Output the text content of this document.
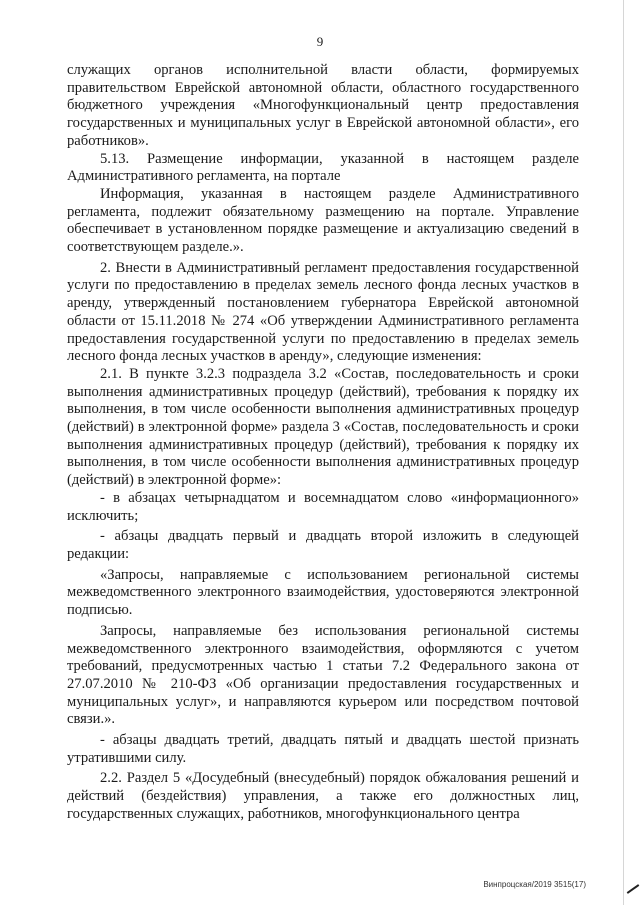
9

служащих органов исполнительной власти области, формируемых правительством Еврейской автономной области, областного государственного бюджетного учреждения «Многофункциональный центр предоставления государственных и муниципальных услуг в Еврейской автономной области», его работников».

5.13. Размещение информации, указанной в настоящем разделе Административного регламента, на портале

Информация, указанная в настоящем разделе Административного регламента, подлежит обязательному размещению на портале. Управление обеспечивает в установленном порядке размещение и актуализацию сведений в соответствующем разделе.».

2. Внести в Административный регламент предоставления государственной услуги по предоставлению в пределах земель лесного фонда лесных участков в аренду, утвержденный постановлением губернатора Еврейской автономной области от 15.11.2018 № 274 «Об утверждении Административного регламента предоставления государственной услуги по предоставлению в пределах земель лесного фонда лесных участков в аренду», следующие изменения:

2.1. В пункте 3.2.3 подраздела 3.2 «Состав, последовательность и сроки выполнения административных процедур (действий), требования к порядку их выполнения, в том числе особенности выполнения административных процедур (действий) в электронной форме» раздела 3 «Состав, последовательность и сроки выполнения административных процедур (действий), требования к порядку их выполнения, в том числе особенности выполнения административных процедур (действий) в электронной форме»:

- в абзацах четырнадцатом и восемнадцатом слово «информационного» исключить;

- абзацы двадцать первый и двадцать второй изложить в следующей редакции:

«Запросы, направляемые с использованием региональной системы межведомственного электронного взаимодействия, удостоверяются электронной подписью.

Запросы, направляемые без использования региональной системы межведомственного электронного взаимодействия, оформляются с учетом требований, предусмотренных частью 1 статьи 7.2 Федерального закона от 27.07.2010 № 210-ФЗ «Об организации предоставления государственных и муниципальных услуг», и направляются курьером или посредством почтовой связи.».

- абзацы двадцать третий, двадцать пятый и двадцать шестой признать утратившими силу.

2.2. Раздел 5 «Досудебный (внесудебный) порядок обжалования решений и действий (бездействия) управления, а также его должностных лиц, государственных служащих, работников, многофункционального центра

Винпроцская/2019 3515(17)
